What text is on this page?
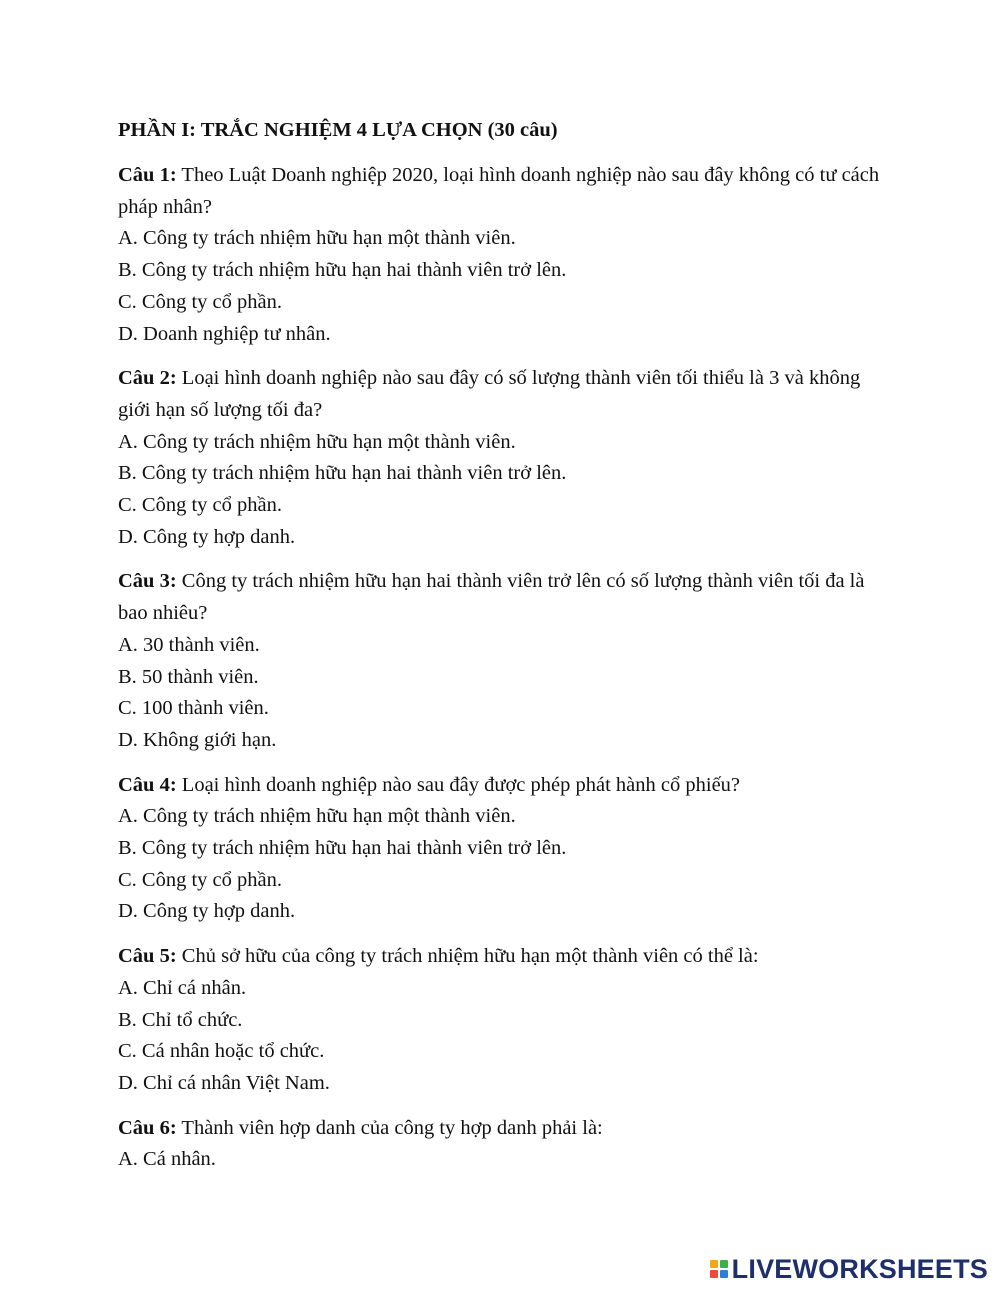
PHẦN I: TRẮC NGHIỆM 4 LỰA CHỌN (30 câu)

Câu 1: Theo Luật Doanh nghiệp 2020, loại hình doanh nghiệp nào sau đây không có tư cách pháp nhân?

A. Công ty trách nhiệm hữu hạn một thành viên.

B. Công ty trách nhiệm hữu hạn hai thành viên trở lên.

C. Công ty cổ phần.

D. Doanh nghiệp tư nhân.

Câu 2: Loại hình doanh nghiệp nào sau đây có số lượng thành viên tối thiểu là 3 và không giới hạn số lượng tối đa?

A. Công ty trách nhiệm hữu hạn một thành viên.

B. Công ty trách nhiệm hữu hạn hai thành viên trở lên.

C. Công ty cổ phần.

D. Công ty hợp danh.

Câu 3: Công ty trách nhiệm hữu hạn hai thành viên trở lên có số lượng thành viên tối đa là bao nhiêu?

A. 30 thành viên.

B. 50 thành viên.

C. 100 thành viên.

D. Không giới hạn.

Câu 4: Loại hình doanh nghiệp nào sau đây được phép phát hành cổ phiếu?

A. Công ty trách nhiệm hữu hạn một thành viên.

B. Công ty trách nhiệm hữu hạn hai thành viên trở lên.

C. Công ty cổ phần.

D. Công ty hợp danh.

Câu 5: Chủ sở hữu của công ty trách nhiệm hữu hạn một thành viên có thể là:

A. Chỉ cá nhân.

B. Chỉ tổ chức.

C. Cá nhân hoặc tổ chức.

D. Chỉ cá nhân Việt Nam.

Câu 6: Thành viên hợp danh của công ty hợp danh phải là:

A. Cá nhân.

LIVEWORKSHEETS
